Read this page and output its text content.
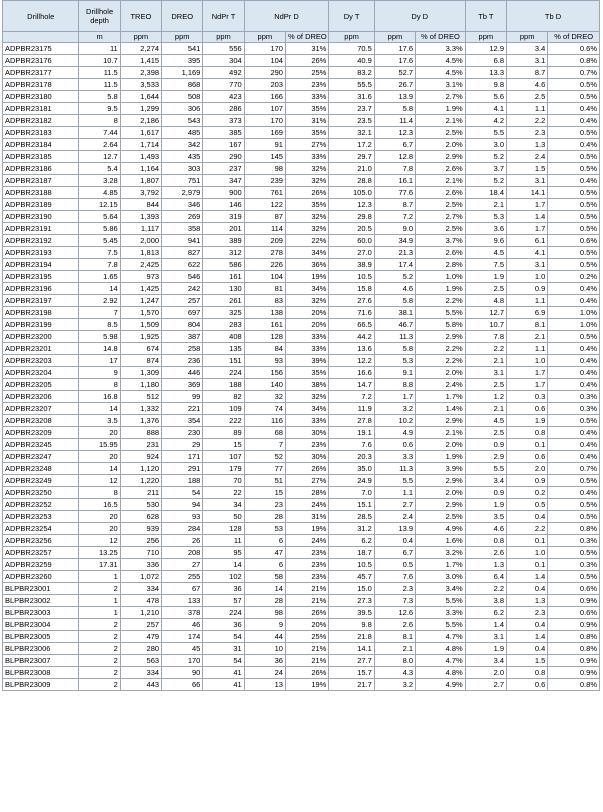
Drillhole	Drillhole depth	TREO	DREO	NdPr T	NdPr D		Dy T	Dy D		Tb T	Tb D	
	m	ppm	ppm	ppm	ppm	% of DREO	ppm	ppm	% of DREO	ppm	ppm	% of DREO
ADPBR23175	11	2,274	541	556	170	31%	70.5	17.6	3.3%	12.9	3.4	0.6%
ADPBR23176	10.7	1,415	395	304	104	26%	40.9	17.6	4.5%	6.8	3.1	0.8%
ADPBR23177	11.5	2,398	1,169	492	290	25%	83.2	52.7	4.5%	13.3	8.7	0.7%
ADPBR23178	11.5	3,533	868	770	203	23%	55.5	26.7	3.1%	9.8	4.6	0.5%
ADPBR23180	5.8	1,644	508	423	166	33%	31.6	13.9	2.7%	5.6	2.5	0.5%
ADPBR23181	9.5	1,299	306	286	107	35%	23.7	5.8	1.9%	4.1	1.1	0.4%
ADPBR23182	8	2,186	543	373	170	31%	23.5	11.4	2.1%	4.2	2.2	0.4%
ADPBR23183	7.44	1,617	485	385	169	35%	32.1	12.3	2.5%	5.5	2.3	0.5%
ADPBR23184	2.64	1,714	342	167	91	27%	17.2	6.7	2.0%	3.0	1.3	0.4%
ADPBR23185	12.7	1,493	435	290	145	33%	29.7	12.8	2.9%	5.2	2.4	0.5%
ADPBR23186	5.4	1,164	303	237	98	32%	21.0	7.8	2.6%	3.7	1.5	0.5%
ADPBR23187	3.28	1,807	751	347	239	32%	28.8	16.1	2.1%	5.2	3.1	0.4%
ADPBR23188	4.85	3,792	2,979	900	761	26%	105.0	77.6	2.6%	18.4	14.1	0.5%
ADPBR23189	12.15	844	346	146	122	35%	12.3	8.7	2.5%	2.1	1.7	0.5%
ADPBR23190	5.64	1,393	269	319	87	32%	29.8	7.2	2.7%	5.3	1.4	0.5%
ADPBR23191	5.86	1,117	358	201	114	32%	20.5	9.0	2.5%	3.6	1.7	0.5%
ADPBR23192	5.45	2,000	941	389	209	22%	60.0	34.9	3.7%	9.6	6.1	0.6%
ADPBR23193	7.5	1,813	827	312	278	34%	27.0	21.3	2.6%	4.5	4.1	0.5%
ADPBR23194	7.8	2,425	622	586	226	36%	38.9	17.4	2.8%	7.5	3.1	0.5%
ADPBR23195	1.65	973	546	161	104	19%	10.5	5.2	1.0%	1.9	1.0	0.2%
ADPBR23196	14	1,425	242	130	81	34%	15.8	4.6	1.9%	2.5	0.9	0.4%
ADPBR23197	2.92	1,247	257	261	83	32%	27.6	5.8	2.2%	4.8	1.1	0.4%
ADPBR23198	7	1,570	697	325	138	20%	71.6	38.1	5.5%	12.7	6.9	1.0%
ADPBR23199	8.5	1,509	804	283	161	20%	66.5	46.7	5.8%	10.7	8.1	1.0%
ADPBR23200	5.98	1,925	387	408	128	33%	44.2	11.3	2.9%	7.8	2.1	0.5%
ADPBR23201	14.8	674	258	135	84	33%	13.6	5.8	2.2%	2.2	1.1	0.4%
ADPBR23203	17	874	236	151	93	39%	12.2	5.3	2.2%	2.1	1.0	0.4%
ADPBR23204	9	1,309	446	224	156	35%	16.6	9.1	2.0%	3.1	1.7	0.4%
ADPBR23205	8	1,180	369	188	140	38%	14.7	8.8	2.4%	2.5	1.7	0.4%
ADPBR23206	16.8	512	99	82	32	32%	7.2	1.7	1.7%	1.2	0.3	0.3%
ADPBR23207	14	1,332	221	109	74	34%	11.9	3.2	1.4%	2.1	0.6	0.3%
ADPBR23208	3.5	1,376	354	222	116	33%	27.8	10.2	2.9%	4.5	1.9	0.5%
ADPBR23209	20	888	230	89	68	30%	19.1	4.9	2.1%	2.5	0.8	0.4%
ADPBR23245	15.95	231	29	15	7	23%	7.6	0.6	2.0%	0.9	0.1	0.4%
ADPBR23247	20	924	171	107	52	30%	20.3	3.3	1.9%	2.9	0.6	0.4%
ADPBR23248	14	1,120	291	179	77	26%	35.0	11.3	3.9%	5.5	2.0	0.7%
ADPBR23249	12	1,220	188	70	51	27%	24.9	5.5	2.9%	3.4	0.9	0.5%
ADPBR23250	8	211	54	22	15	28%	7.0	1.1	2.0%	0.9	0.2	0.4%
ADPBR23252	16.5	530	94	34	23	24%	15.1	2.7	2.9%	1.9	0.5	0.5%
ADPBR23253	20	628	93	50	28	31%	28.5	2.4	2.5%	3.5	0.4	0.5%
ADPBR23254	20	939	284	128	53	19%	31.2	13.9	4.9%	4.6	2.2	0.8%
ADPBR23256	12	256	26	11	6	24%	6.2	0.4	1.6%	0.8	0.1	0.3%
ADPBR23257	13.25	710	208	95	47	23%	18.7	6.7	3.2%	2.6	1.0	0.5%
ADPBR23259	17.31	336	27	14	6	23%	10.5	0.5	1.7%	1.3	0.1	0.3%
ADPBR23260	1	1,072	255	102	58	23%	45.7	7.6	3.0%	6.4	1.4	0.5%
BLPBR23001	2	334	67	36	14	21%	15.0	2.3	3.4%	2.2	0.4	0.6%
BLPBR23002	1	478	133	57	28	21%	27.3	7.3	5.5%	3.8	1.3	0.9%
BLPBR23003	1	1,210	378	224	98	26%	39.5	12.6	3.3%	6.2	2.3	0.6%
BLPBR23004	2	257	46	36	9	20%	9.8	2.6	5.5%	1.4	0.4	0.9%
BLPBR23005	2	479	174	54	44	25%	21.8	8.1	4.7%	3.1	1.4	0.8%
BLPBR23006	2	280	45	31	10	21%	14.1	2.1	4.8%	1.9	0.4	0.8%
BLPBR23007	2	563	170	54	36	21%	27.7	8.0	4.7%	3.4	1.5	0.9%
BLPBR23008	2	334	90	41	24	26%	15.7	4.3	4.8%	2.0	0.8	0.9%
BLPBR23009	2	443	66	41	13	19%	21.7	3.2	4.9%	2.7	0.6	0.8%
